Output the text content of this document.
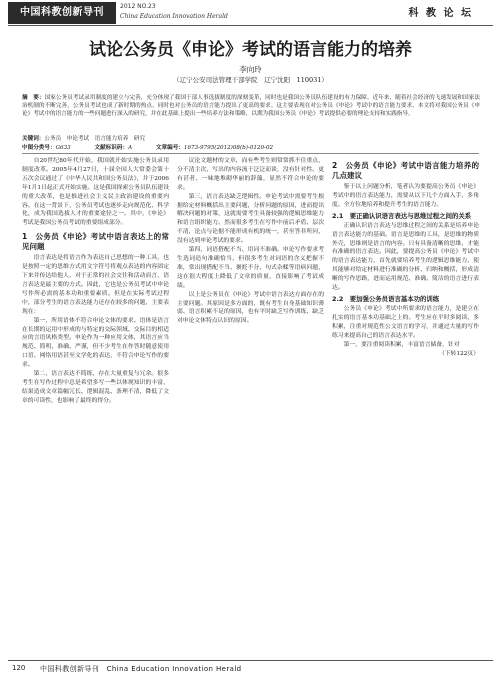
中国科教创新导刊
2012 NO.23
China Education Innovation Herald	科 教 论 坛
试论公务员《申论》考试的语言能力的培养
李向玲
（辽宁公安司法管理干部学院　辽宁沈阳　110031）
摘　要：国家公务员考试录用制度的建立与完善，充分体现了我国干部人事选拔制度的深刻变革，同时也是我国公务员队伍建设的有力保障。近年来，随着社会经济的飞速发展和国家法治机制的不断完善，公务员考试也成了新时期的热点，同时也对公务员的语言能力提出了更高的要求。这主要表现在对公务员《申论》考试中的语言能力要求，本文将对我国公务员《申论》考试中的语言能力的一些问题进行深入的研究，并在此基础上提出一些培养方法和策略，以期为我国公务员《申论》考试提供必要的理论支持和实践指导。
关键词：公务员　申论考试　语言能力培养　研究
中图分类号：G633	文献标识码：A	文章编号：1673-9795(2012)08(b)-0120-02

自20世纪80年代开始，我国就开始实施公务员录用制度改革。2005年4月27日，十届全国人大常委会第十五次会议通过了《中华人民共和国公务员法》，并于2006年1月1日起正式开始实施。这是我国探索公务员队伍建设的重大改革，也是推进社会主义民主政治建设的重要内容。在这一背景下，公务员考试也逐步走向规范化、科学化，成为我国选拔人才的重要途径之一。其中，《申论》考试是我国公务员考试的重要组成部分。

1　公务员《申论》考试中语言表达上的常见问题

语言表达是将语言作为表达自己思想的一种工具，也是按照一定的思维方式用文字符号将观点表达的内容固定下来并传达给他人，对于正常的社会交往和活动而言，语言表达是最主要的方式。因此，它也是公务员考试中申论写作所必需的基本功和重要素质。但是在实际考试过程中，部分考生的语言表达能力还存在较多的问题，主要表现在：

第一，所用语体不符合申论文体的要求。语体是语言在长期的运用中形成的与特定的交际领域、交际目的相适应的言语风格类型。申论作为一种应用文体，其语言应当规范、简明、准确、严谨，但不少考生在作答时随意使用口语、网络用语甚至文学化的表达，不符合申论写作的要求。

第二，语言表达不简练，存在大量重复与冗余。很多考生在写作过程中总是希望多写一些以体现知识的丰富，结果造成文章篇幅冗长、逻辑混乱、条理不清，降低了文章的可读性，也影响了最终的得分。

议论文题材的文章，而有些考生则常常抓不住重点，分不清主次，写出的内容流于泛泛而谈，没有针对性。更有甚者，一味地堆砌华丽的辞藻，显然不符合申论的要求。

第三，语言表达缺乏逻辑性。申论考试中需要考生根据给定材料概括出主要问题，分析问题的原因，进而提出解决问题的对策，这就需要考生具备较强的逻辑思维能力和语言组织能力。然而很多考生在写作中前后矛盾、层次不清，论点与论据不能形成有机的统一，甚至答非所问，没有达到申论考试的要求。

第四，词语搭配不当、用词不准确。申论写作要求考生选词造句准确恰当，但很多考生对词语的含义把握不准，常出现搭配不当、褒贬不分、句式杂糅等语病问题，这在很大程度上降低了文章的质量，直接影响了考试成绩。

以上是公务员在《申论》考试中语言表达方面存在的主要问题。其原因是多方面的，既有考生自身基础知识薄弱、语言积累不足的原因，也有平时缺乏写作训练、缺乏对申论文体特点认识的原因。

2　公务员《申论》考试中语言能力培养的几点建议

鉴于以上问题分析，笔者认为要提高公务员《申论》考试中的语言表达能力，需要从以下几个方面入手，多角度、全方位地培养和提升考生的语言能力。

2.1　要正确认识语言表达与思维过程之间的关系

正确认识语言表达与思维过程之间的关系是培养申论语言表达能力的基础。语言是思维的工具，是思维的物质外壳，思维则是语言的内容。只有具备清晰的思维，才能有准确的语言表达。因此，要提高公务员《申论》考试中的语言表达能力，首先就要培养考生的逻辑思维能力，使其能够对给定材料进行准确的分析、归纳和概括，形成清晰的写作思路，进而运用规范、准确、简洁的语言进行表达。

2.2　要加强公务员语言基本功的训练

公务员《申论》考试中所要求的语言能力，是建立在扎实的语言基本功基础之上的。考生应在平时多阅读、多积累，注重对规范性公文语言的学习，并通过大量的写作练习来提高自己的语言表达水平。

第一，要注重阅读积累，丰富语言储备，针对

（下转122页）
120 中国科教创新导刊　China Education Innovation Herald
